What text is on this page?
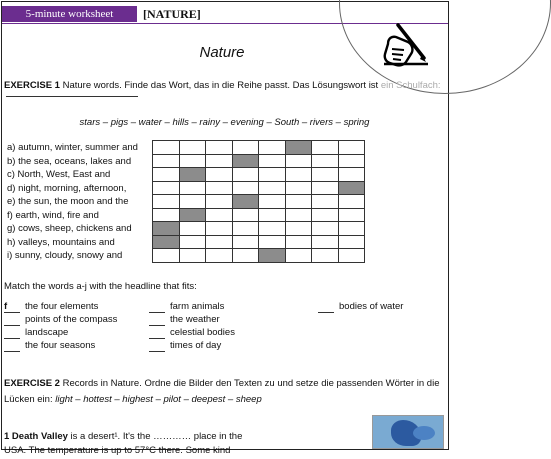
5-minute worksheet	[NATURE]
Nature
EXERCISE 1 Nature words. Finde das Wort, das in die Reihe passt. Das Lösungswort ist ein Schulfach:
stars – pigs – water – hills – rainy – evening – South – rivers – spring
a) autumn, winter, summer and
b) the sea, oceans, lakes and
c) North, West, East and
d) night, morning, afternoon,
e) the sun, the moon and the
f) earth, wind, fire and
g) cows, sheep, chickens and
h) valleys, mountains and
i) sunny, cloudy, snowy and

Match the words a-j with the headline that fits:
f the four elements
points of the compass
landscape
the four seasons
farm animals
the weather
celestial bodies
times of day
bodies of water
EXERCISE 2 Records in Nature. Ordne die Bilder den Texten zu und setze die passenden Wörter in die
Lücken ein: light – hottest – highest – pilot – deepest – sheep
1 Death Valley is a desert¹. It's the ………… place in the
USA. The temperature is up to 57°C there. Some kind
